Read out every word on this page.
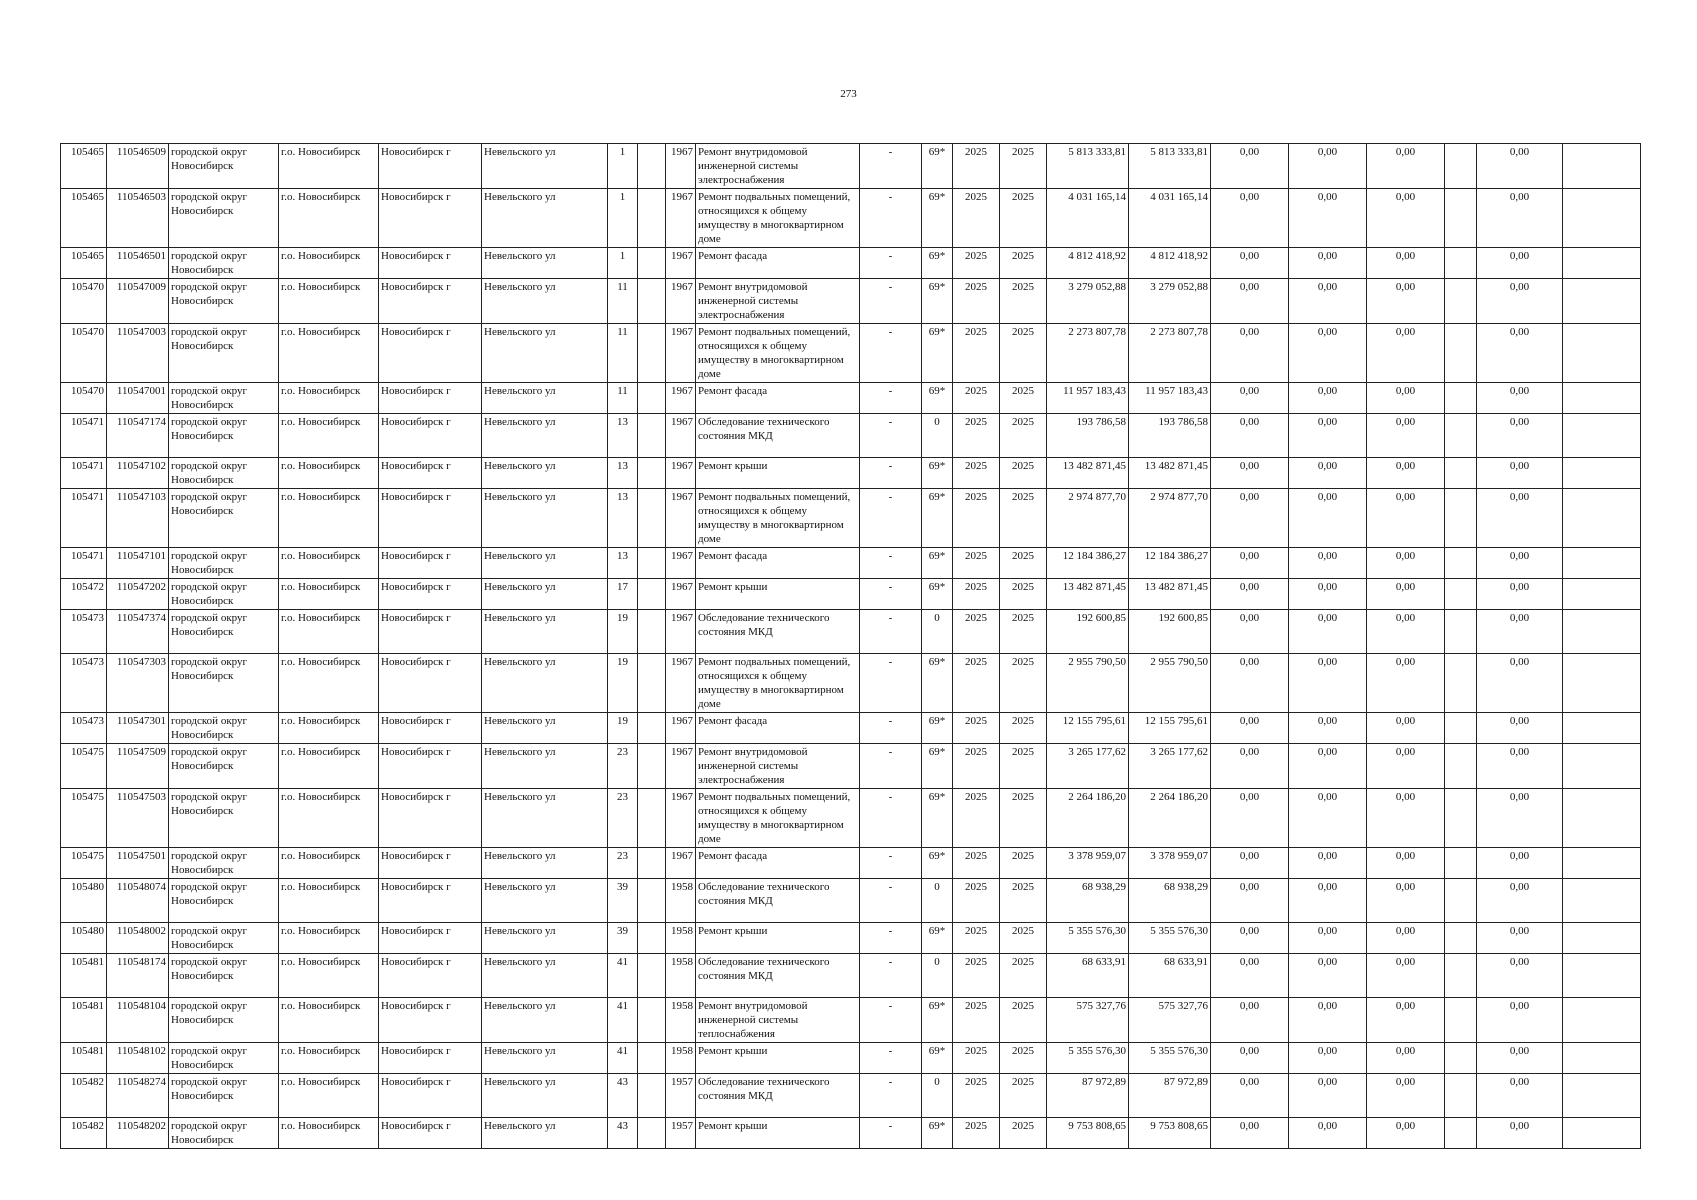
273
105465	110546509	городской округ Новосибирск	г.о. Новосибирск	Новосибирск г	Невельского ул	1		1967	Ремонт внутридомовой инженерной системы электроснабжения	-	69*	2025	2025	5 813 333,81	5 813 333,81	0,00	0,00	0,00		0,00	
105465	110546503	городской округ Новосибирск	г.о. Новосибирск	Новосибирск г	Невельского ул	1		1967	Ремонт подвальных помещений, относящихся к общему имуществу в многоквартирном доме	-	69*	2025	2025	4 031 165,14	4 031 165,14	0,00	0,00	0,00		0,00	
105465	110546501	городской округ Новосибирск	г.о. Новосибирск	Новосибирск г	Невельского ул	1		1967	Ремонт фасада	-	69*	2025	2025	4 812 418,92	4 812 418,92	0,00	0,00	0,00		0,00	
105470	110547009	городской округ Новосибирск	г.о. Новосибирск	Новосибирск г	Невельского ул	11		1967	Ремонт внутридомовой инженерной системы электроснабжения	-	69*	2025	2025	3 279 052,88	3 279 052,88	0,00	0,00	0,00		0,00	
105470	110547003	городской округ Новосибирск	г.о. Новосибирск	Новосибирск г	Невельского ул	11		1967	Ремонт подвальных помещений, относящихся к общему имуществу в многоквартирном доме	-	69*	2025	2025	2 273 807,78	2 273 807,78	0,00	0,00	0,00		0,00	
105470	110547001	городской округ Новосибирск	г.о. Новосибирск	Новосибирск г	Невельского ул	11		1967	Ремонт фасада	-	69*	2025	2025	11 957 183,43	11 957 183,43	0,00	0,00	0,00		0,00	
105471	110547174	городской округ Новосибирск	г.о. Новосибирск	Новосибирск г	Невельского ул	13		1967	Обследование технического состояния МКД	-	0	2025	2025	193 786,58	193 786,58	0,00	0,00	0,00		0,00	
105471	110547102	городской округ Новосибирск	г.о. Новосибирск	Новосибирск г	Невельского ул	13		1967	Ремонт крыши	-	69*	2025	2025	13 482 871,45	13 482 871,45	0,00	0,00	0,00		0,00	
105471	110547103	городской округ Новосибирск	г.о. Новосибирск	Новосибирск г	Невельского ул	13		1967	Ремонт подвальных помещений, относящихся к общему имуществу в многоквартирном доме	-	69*	2025	2025	2 974 877,70	2 974 877,70	0,00	0,00	0,00		0,00	
105471	110547101	городской округ Новосибирск	г.о. Новосибирск	Новосибирск г	Невельского ул	13		1967	Ремонт фасада	-	69*	2025	2025	12 184 386,27	12 184 386,27	0,00	0,00	0,00		0,00	
105472	110547202	городской округ Новосибирск	г.о. Новосибирск	Новосибирск г	Невельского ул	17		1967	Ремонт крыши	-	69*	2025	2025	13 482 871,45	13 482 871,45	0,00	0,00	0,00		0,00	
105473	110547374	городской округ Новосибирск	г.о. Новосибирск	Новосибирск г	Невельского ул	19		1967	Обследование технического состояния МКД	-	0	2025	2025	192 600,85	192 600,85	0,00	0,00	0,00		0,00	
105473	110547303	городской округ Новосибирск	г.о. Новосибирск	Новосибирск г	Невельского ул	19		1967	Ремонт подвальных помещений, относящихся к общему имуществу в многоквартирном доме	-	69*	2025	2025	2 955 790,50	2 955 790,50	0,00	0,00	0,00		0,00	
105473	110547301	городской округ Новосибирск	г.о. Новосибирск	Новосибирск г	Невельского ул	19		1967	Ремонт фасада	-	69*	2025	2025	12 155 795,61	12 155 795,61	0,00	0,00	0,00		0,00	
105475	110547509	городской округ Новосибирск	г.о. Новосибирск	Новосибирск г	Невельского ул	23		1967	Ремонт внутридомовой инженерной системы электроснабжения	-	69*	2025	2025	3 265 177,62	3 265 177,62	0,00	0,00	0,00		0,00	
105475	110547503	городской округ Новосибирск	г.о. Новосибирск	Новосибирск г	Невельского ул	23		1967	Ремонт подвальных помещений, относящихся к общему имуществу в многоквартирном доме	-	69*	2025	2025	2 264 186,20	2 264 186,20	0,00	0,00	0,00		0,00	
105475	110547501	городской округ Новосибирск	г.о. Новосибирск	Новосибирск г	Невельского ул	23		1967	Ремонт фасада	-	69*	2025	2025	3 378 959,07	3 378 959,07	0,00	0,00	0,00		0,00	
105480	110548074	городской округ Новосибирск	г.о. Новосибирск	Новосибирск г	Невельского ул	39		1958	Обследование технического состояния МКД	-	0	2025	2025	68 938,29	68 938,29	0,00	0,00	0,00		0,00	
105480	110548002	городской округ Новосибирск	г.о. Новосибирск	Новосибирск г	Невельского ул	39		1958	Ремонт крыши	-	69*	2025	2025	5 355 576,30	5 355 576,30	0,00	0,00	0,00		0,00	
105481	110548174	городской округ Новосибирск	г.о. Новосибирск	Новосибирск г	Невельского ул	41		1958	Обследование технического состояния МКД	-	0	2025	2025	68 633,91	68 633,91	0,00	0,00	0,00		0,00	
105481	110548104	городской округ Новосибирск	г.о. Новосибирск	Новосибирск г	Невельского ул	41		1958	Ремонт внутридомовой инженерной системы теплоснабжения	-	69*	2025	2025	575 327,76	575 327,76	0,00	0,00	0,00		0,00	
105481	110548102	городской округ Новосибирск	г.о. Новосибирск	Новосибирск г	Невельского ул	41		1958	Ремонт крыши	-	69*	2025	2025	5 355 576,30	5 355 576,30	0,00	0,00	0,00		0,00	
105482	110548274	городской округ Новосибирск	г.о. Новосибирск	Новосибирск г	Невельского ул	43		1957	Обследование технического состояния МКД	-	0	2025	2025	87 972,89	87 972,89	0,00	0,00	0,00		0,00	
105482	110548202	городской округ Новосибирск	г.о. Новосибирск	Новосибирск г	Невельского ул	43		1957	Ремонт крыши	-	69*	2025	2025	9 753 808,65	9 753 808,65	0,00	0,00	0,00		0,00	
